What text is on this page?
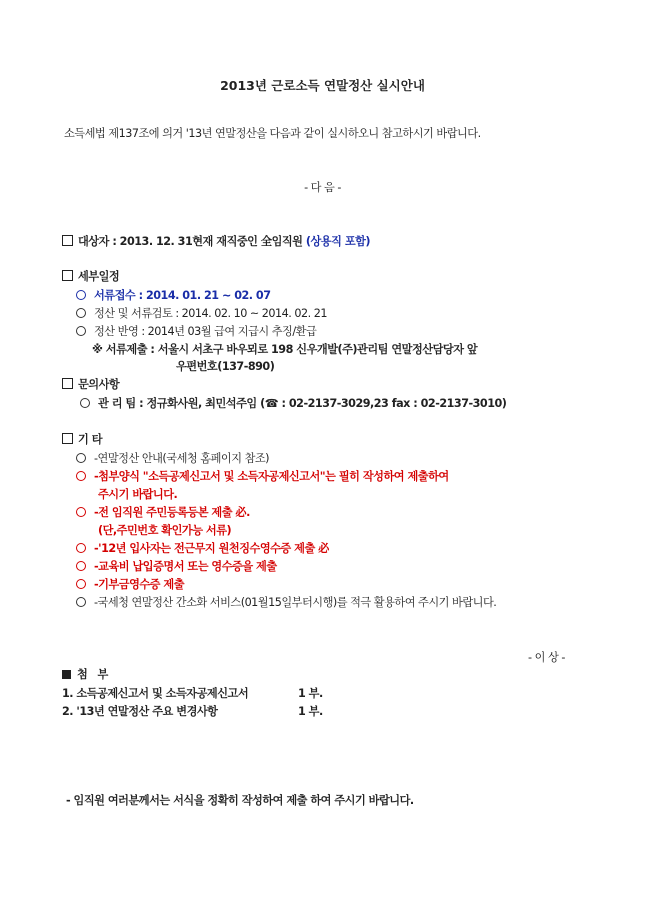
2013년 근로소득 연말정산 실시안내
소득세법 제137조에 의거 '13년 연말정산을 다음과 같이 실시하오니 참고하시기 바랍니다.
- 다 음 -
대상자 : 2013. 12. 31현재 재직중인 全임직원 (상용직 포함)
세부일정
서류접수 : 2014. 01. 21 ~ 02. 07
정산 및 서류검토 : 2014. 02. 10 ~ 2014. 02. 21
정산 반영 : 2014년 03월 급여 지급시 추징/환급
※ 서류제출 : 서울시 서초구 바우뫼로 198 신우개발(주)관리팀 연말정산담당자 앞
우편번호(137-890)
문의사항
관 리 팀 : 정규화사원, 최민석주임 (☎ : 02-2137-3029,23 fax : 02-2137-3010)
기 타
-연말정산 안내(국세청 홈페이지 참조)
-첨부양식 "소득공제신고서 및 소득자공제신고서"는 필히 작성하여 제출하여
주시기 바랍니다.
-전 임직원 주민등록등본 제출 必.
(단,주민번호 확인가능 서류)
-'12년 입사자는 전근무지 원천징수영수증 제출 必
-교육비 납입증명서 또는 영수증을 제출
-기부금영수증 제출
-국세청 연말정산 간소화 서비스(01월15일부터시행)를 적극 활용하여 주시기 바랍니다.
- 이 상 -
첨   부
1. 소득공제신고서 및 소득자공제신고서	1 부.
2. '13년 연말정산 주요 변경사항	1 부.
- 임직원 여러분께서는 서식을 정확히 작성하여 제출 하여 주시기 바랍니다.
